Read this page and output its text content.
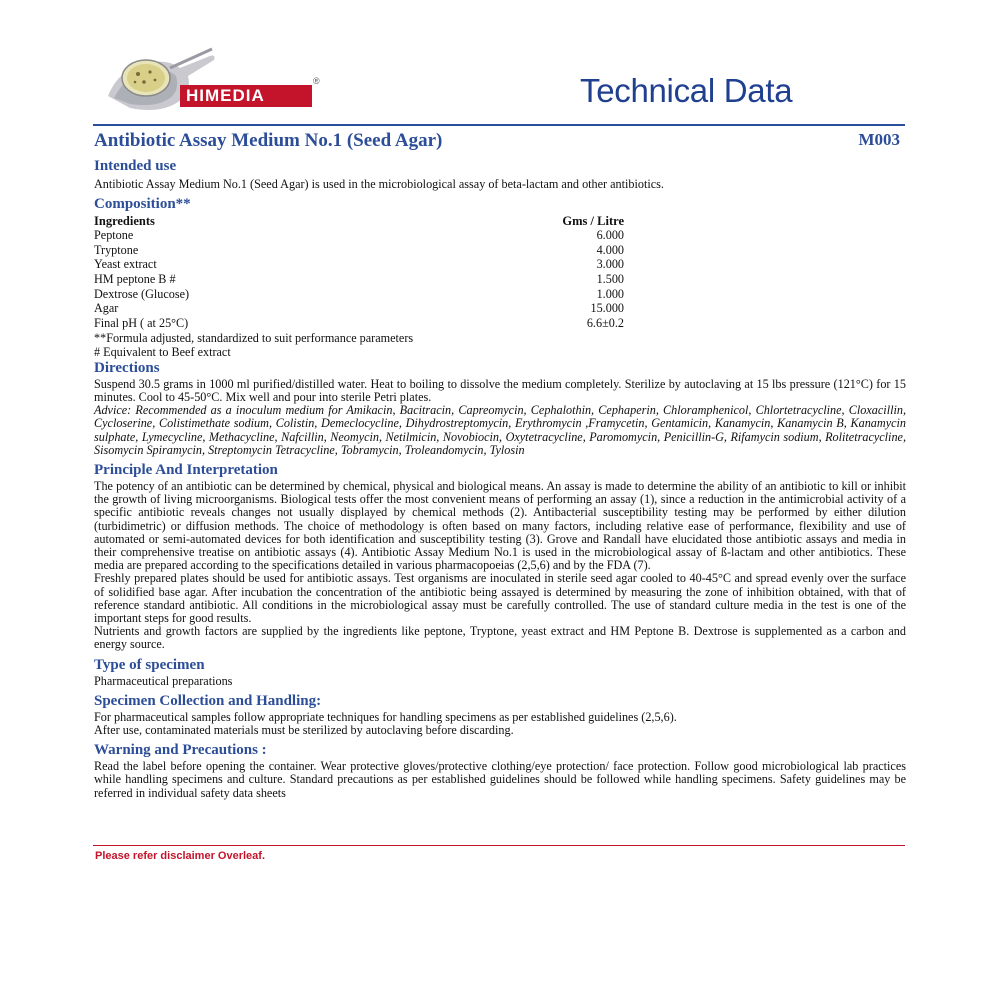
HIMEDIA
®	Technical Data
Antibiotic Assay Medium No.1 (Seed Agar)	M003
Intended use

Antibiotic Assay Medium No.1 (Seed Agar) is used in the microbiological assay of beta-lactam and other antibiotics.

Composition**
Ingredients	Gms / Litre
Peptone	6.000
Tryptone	4.000
Yeast extract	3.000
HM peptone B #	1.500
Dextrose (Glucose)	1.000
Agar	15.000
Final pH ( at 25°C)	6.6±0.2

**Formula adjusted, standardized to suit performance parameters

# Equivalent to Beef extract

Directions

Suspend 30.5 grams in 1000 ml purified/distilled water. Heat to boiling to dissolve the medium completely. Sterilize by autoclaving at 15 lbs pressure (121°C) for 15 minutes. Cool to 45-50°C. Mix well and pour into sterile Petri plates.

Advice: Recommended as a inoculum medium for Amikacin, Bacitracin, Capreomycin, Cephalothin, Cephaperin, Chloramphenicol, Chlortetracycline, Cloxacillin, Cycloserine, Colistimethate sodium, Colistin, Demeclocycline, Dihydrostreptomycin, Erythromycin ,Framycetin, Gentamicin, Kanamycin, Kanamycin B, Kanamycin sulphate, Lymecycline, Methacycline, Nafcillin, Neomycin, Netilmicin, Novobiocin, Oxytetracycline, Paromomycin, Penicillin-G, Rifamycin sodium, Rolitetracycline, Sisomycin Spiramycin, Streptomycin Tetracycline, Tobramycin, Troleandomycin, Tylosin

Principle And Interpretation

The potency of an antibiotic can be determined by chemical, physical and biological means. An assay is made to determine the ability of an antibiotic to kill or inhibit the growth of living microorganisms. Biological tests offer the most convenient means of performing an assay (1), since a reduction in the antimicrobial activity of a specific antibiotic reveals changes not usually displayed by chemical methods (2). Antibacterial susceptibility testing may be performed by either dilution (turbidimetric) or diffusion methods. The choice of methodology is often based on many factors, including relative ease of performance, flexibility and use of automated or semi-automated devices for both identification and susceptibility testing (3). Grove and Randall have elucidated those antibiotic assays and media in their comprehensive treatise on antibiotic assays (4). Antibiotic Assay Medium No.1 is used in the microbiological assay of ß-lactam and other antibiotics. These media are prepared according to the specifications detailed in various pharmacopoeias (2,5,6) and by the FDA (7).

Freshly prepared plates should be used for antibiotic assays. Test organisms are inoculated in sterile seed agar cooled to 40-45°C and spread evenly over the surface of solidified base agar. After incubation the concentration of the antibiotic being assayed is determined by measuring the zone of inhibition obtained, with that of reference standard antibiotic. All conditions in the microbiological assay must be carefully controlled. The use of standard culture media in the test is one of the important steps for good results.

Nutrients and growth factors are supplied by the ingredients like peptone, Tryptone, yeast extract and HM Peptone B. Dextrose is supplemented as a carbon and energy source.

Type of specimen

Pharmaceutical preparations

Specimen Collection and Handling:

For pharmaceutical samples follow appropriate techniques for handling specimens as per established guidelines (2,5,6).

After use, contaminated materials must be sterilized by autoclaving before discarding.

Warning and Precautions :

Read the label before opening the container. Wear protective gloves/protective clothing/eye protection/ face protection. Follow good microbiological lab practices while handling specimens and culture. Standard precautions as per established guidelines should be followed while handling specimens. Safety guidelines may be referred in individual safety data sheets

Please refer disclaimer Overleaf.
